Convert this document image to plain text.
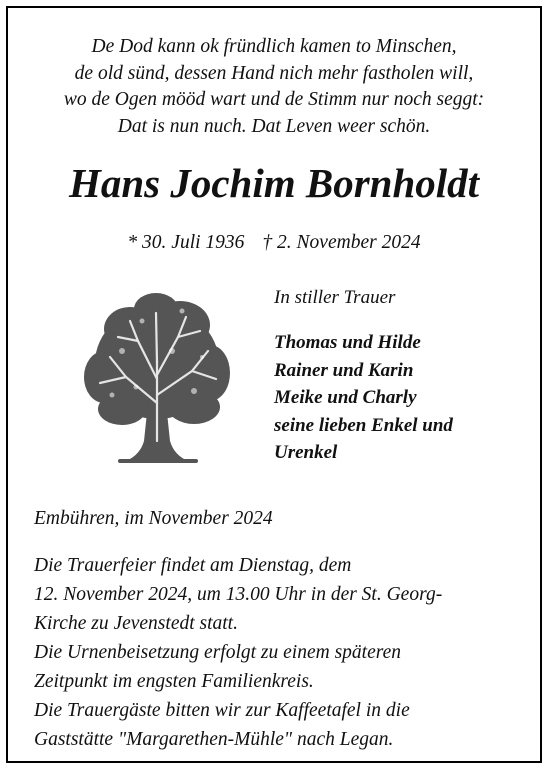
De Dod kann ok fründlich kamen to Minschen,
de old sünd, dessen Hand nich mehr fastholen will,
wo de Ogen mööd wart und de Stimm nur noch seggt:
Dat is nun nuch. Dat Leven weer schön.
Hans Jochim Bornholdt
* 30. Juli 1936 † 2. November 2024
In stiller Trauer
Thomas und Hilde
Rainer und Karin
Meike und Charly
seine lieben Enkel und
Urenkel
Embühren, im November 2024
Die Trauerfeier findet am Dienstag, dem
12. November 2024, um 13.00 Uhr in der St. Georg-
Kirche zu Jevenstedt statt.
Die Urnenbeisetzung erfolgt zu einem späteren
Zeitpunkt im engsten Familienkreis.
Die Trauergäste bitten wir zur Kaffeetafel in die
Gaststätte "Margarethen-Mühle" nach Legan.
